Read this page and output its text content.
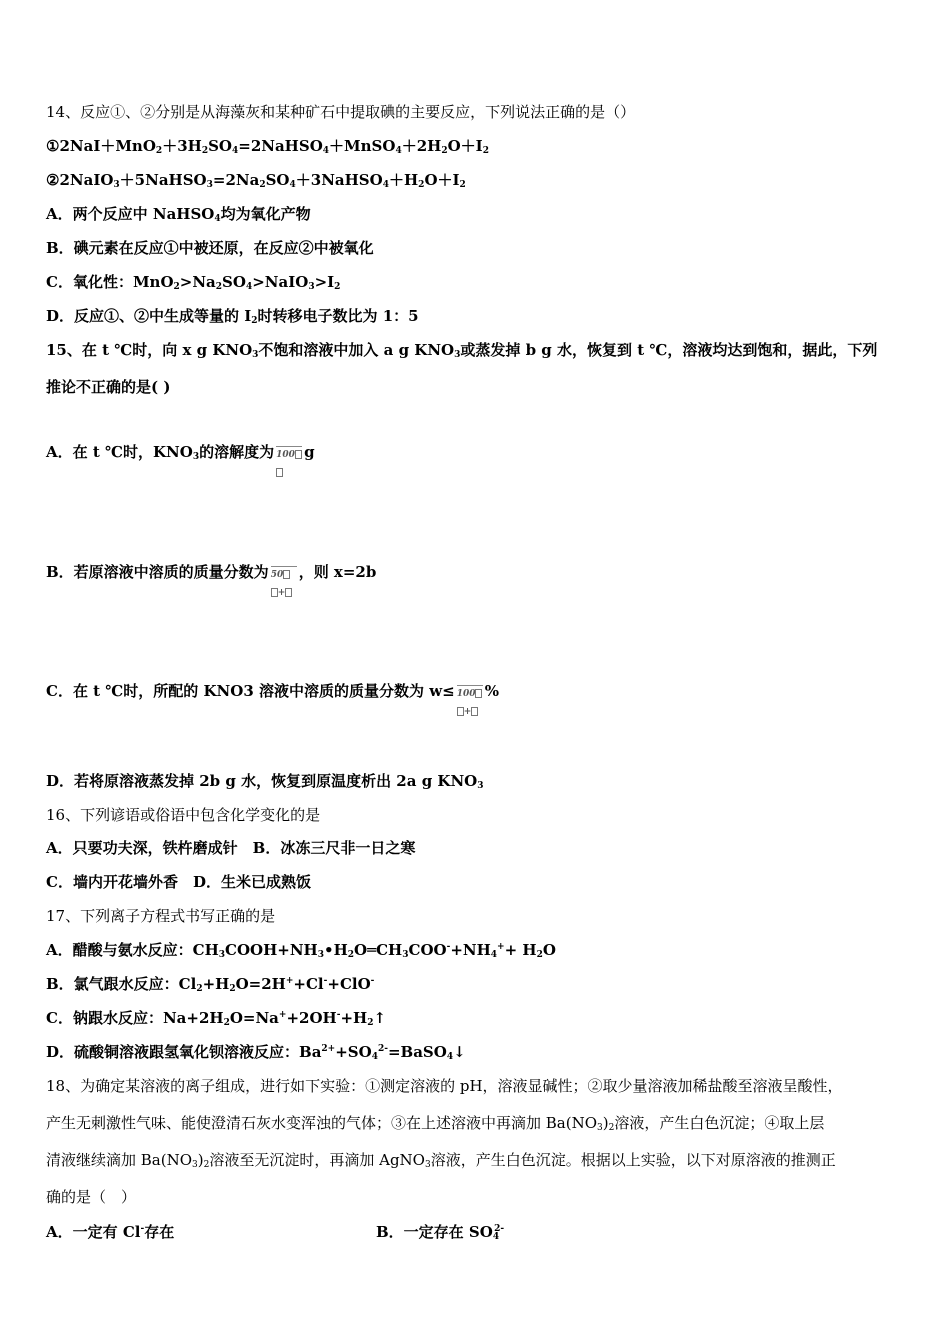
14、反应①、②分别是从海藻灰和某种矿石中提取碘的主要反应，下列说法正确的是（）
$①2NaI+MnO_2+3H_2SO_4=2NaHSO_4+MnSO_4+2H_2O+I_2$
$②2NaIO_3+5NaHSO_3=2Na_2SO_4+3NaHSO_4+H_2O+I_2$
A．两个反应中 NaHSO$_4$均为氧化产物
B．碘元素在反应①中被还原，在反应②中被氧化
C．氧化性：$MnO_2>Na_2SO_4>NaIO_3>I_2$
D．反应①、②中生成等量的 $I_2$时转移电子数比为 1：5
15、在 t ℃时，向 x g $KNO_3$不饱和溶液中加入 a g $KNO_3$或蒸发掉 b g 水，恢复到 t ℃，溶液均达到饱和，据此，下列
推论不正确的是( )
A．在 t ℃时，$KNO_3$的溶解度为 100 g
B．若原溶液中溶质的质量分数为 50
+
，则 x=2b
C．在 t ℃时，所配的 KNO3 溶液中溶质的质量分数为 w≤ 100
+
%
D．若将原溶液蒸发掉 2b g 水，恢复到原温度析出 2a g $KNO_3$
16、下列谚语或俗语中包含化学变化的是
A．只要功夫深，铁杵磨成针　B．冰冻三尺非一日之寒
C．墙内开花墙外香　D．生米已成熟饭
17、下列离子方程式书写正确的是
A．醋酸与氨水反应：$CH_3COOH+NH_3•H_2O═CH_3COO^-+NH_4^++ H_2O$
B．氯气跟水反应：$Cl_2+H_2O=2H^++Cl^-+ClO^-$
C．钠跟水反应：$Na+2H_2O=Na^++2OH^-+H_2↑$
D．硫酸铜溶液跟氢氧化钡溶液反应：$Ba^{2+}+SO_4^{2-}=BaSO_4↓$
18、为确定某溶液的离子组成，进行如下实验：①测定溶液的 pH，溶液显碱性；②取少量溶液加稀盐酸至溶液呈酸性，
产生无刺激性气味、能使澄清石灰水变浑浊的气体；③在上述溶液中再滴加 $Ba(NO_3)_2$溶液，产生白色沉淀；④取上层
清液继续滴加 $Ba(NO_3)_2$溶液至无沉淀时，再滴加 AgNO$_3$溶液，产生白色沉淀。根据以上实验，以下对原溶液的推测正
确的是（　）
A．一定有 Cl-存在	B．一定存在 $SO_4^{2-}$
